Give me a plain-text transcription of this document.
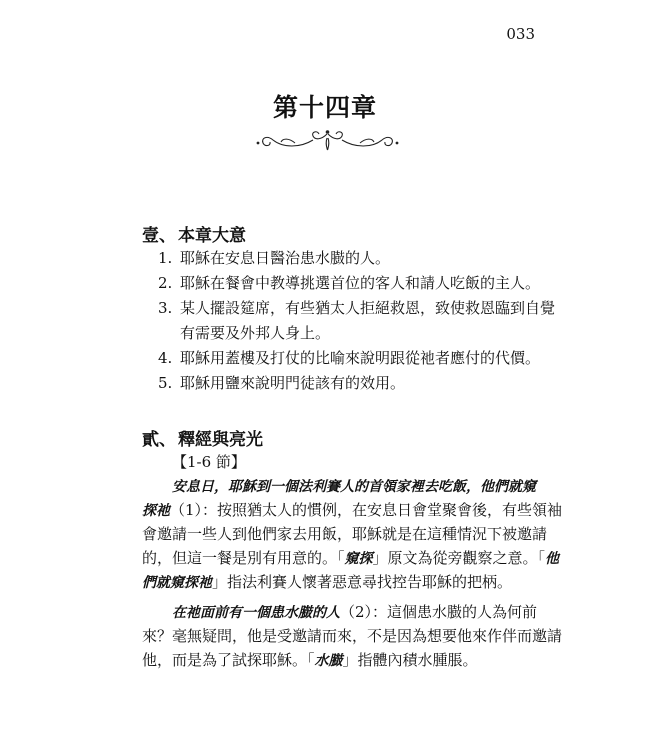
033
第十四章
壹、 本章大意
1. 耶穌在安息日醫治患水臌的人。
2. 耶穌在餐會中教導挑選首位的客人和請人吃飯的主人。
3. 某人擺設筵席，有些猶太人拒絕救恩，致使救恩臨到自覺
有需要及外邦人身上。
4. 耶穌用蓋樓及打仗的比喻來說明跟從祂者應付的代價。
5. 耶穌用鹽來說明門徒該有的效用。
貳、 釋經與亮光
【1-6 節】
安息日，耶穌到一個法利賽人的首領家裡去吃飯，他們就窺
探祂（1）：按照猶太人的慣例，在安息日會堂聚會後，有些領袖
會邀請一些人到他們家去用飯，耶穌就是在這種情況下被邀請
的，但這一餐是別有用意的。「窺探」原文為從旁觀察之意。「他
們就窺探祂」指法利賽人懷著惡意尋找控告耶穌的把柄。
在祂面前有一個患水臌的人（2）：這個患水臌的人為何前
來？毫無疑問，他是受邀請而來，不是因為想要他來作伴而邀請
他，而是為了試探耶穌。「水臌」指體內積水腫脹。
